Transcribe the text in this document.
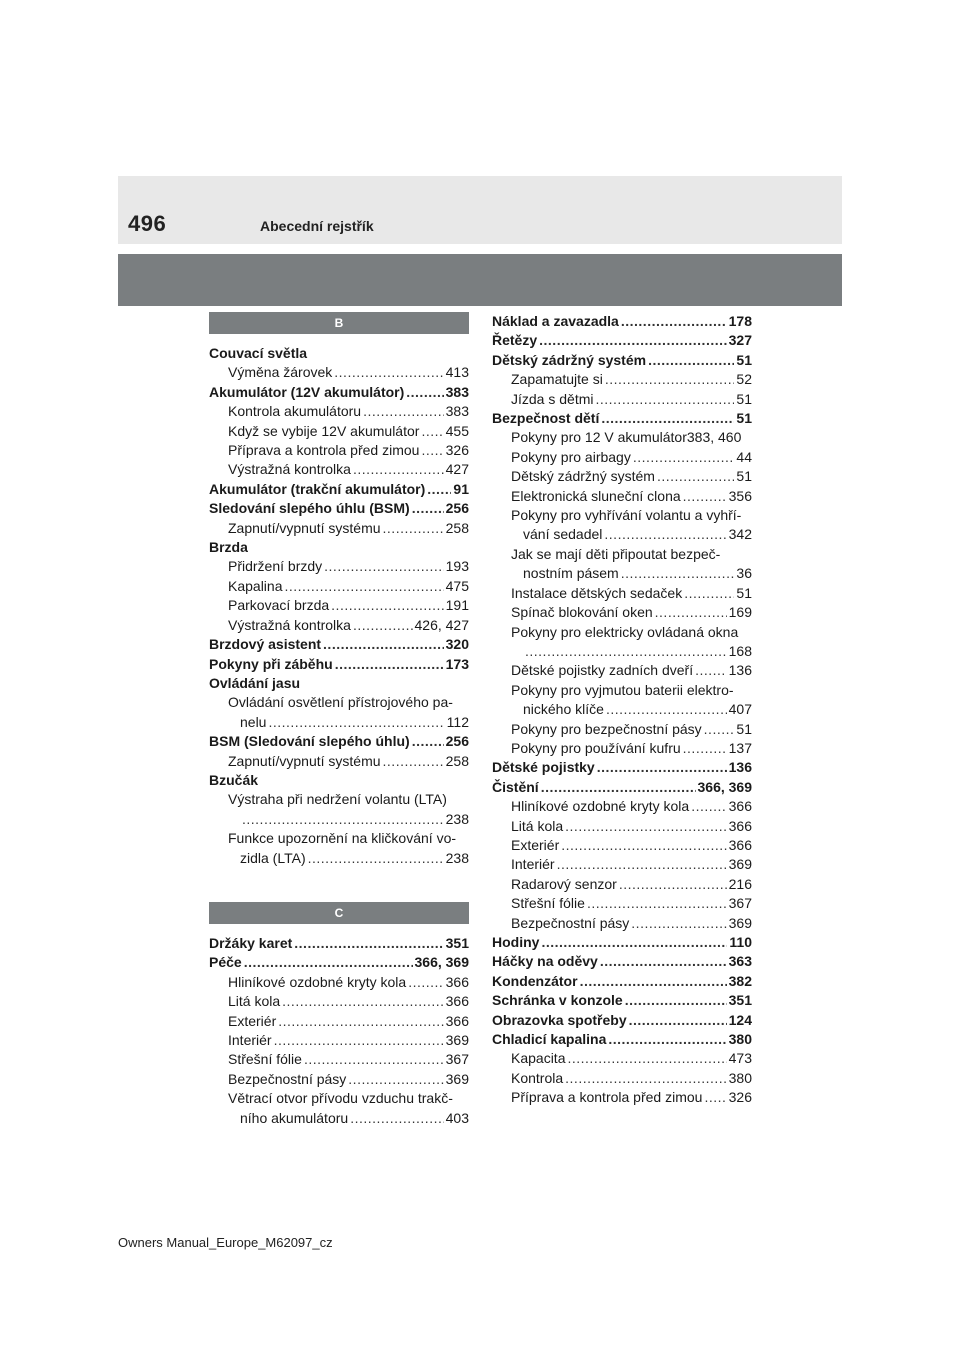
496	Abecední rejstřík
B
Couvací světla
Výměna žárovek .....	413
Akumulátor (12V akumulátor) .....	383
Kontrola akumulátoru .....	383
Když se vybije 12V akumulátor ..... 455
Příprava a kontrola před zimou ..... 326
Výstražná kontrolka .....	427
Akumulátor (trakční akumulátor) ..... 91
Sledování slepého úhlu (BSM) .....	256
Zapnutí/vypnutí systému .....	258
Brzda
Přidržení brzdy .....	193
Kapalina .....	475
Parkovací brzda .....	191
Výstražná kontrolka .....	426, 427
Brzdový asistent .....	320
Pokyny při záběhu .....	173
Ovládání jasu
Ovládání osvětlení přístrojového pa-
nelu .....	112
BSM (Sledování slepého úhlu) .....	256
Zapnutí/vypnutí systému .....	258
Bzučák
Výstraha při nedržení volantu (LTA)
.....
238
Funkce upozornění na kličkování vo-
zidla (LTA) .....	238
C
Držáky karet .....	351
Péče .....	366, 369
Hliníkové ozdobné kryty kola .....	366
Litá kola .....	366
Exteriér .....	366
Interiér .....	369
Střešní fólie .....	367
Bezpečnostní pásy .....	369
Větrací otvor přívodu vzduchu trakč-
ního akumulátoru .....	403
Náklad a zavazadla .....	178
Řetězy .....	327
Dětský zádržný systém .....	51
Zapamatujte si .....	52
Jízda s dětmi .....	51
Bezpečnost dětí .....	51
Pokyny pro 12 V akumulátor383, 460
Pokyny pro airbagy .....	44
Dětský zádržný systém .....	51
Elektronická sluneční clona .....	356
Pokyny pro vyhřívání volantu a vyhří-
vání sedadel .....	342
Jak se mají děti připoutat bezpeč-
nostním pásem .....	36
Instalace dětských sedaček .....	51
Spínač blokování oken .....	169
Pokyny pro elektricky ovládaná okna
.....
168
Dětské pojistky zadních dveří .....	136
Pokyny pro vyjmutou baterii elektro-
nického klíče .....	407
Pokyny pro bezpečnostní pásy ..... 51
Pokyny pro používání kufru .....	137
Dětské pojistky .....	136
Čistění .....	366, 369
Hliníkové ozdobné kryty kola .....	366
Litá kola .....	366
Exteriér .....	366
Interiér .....	369
Radarový senzor .....	216
Střešní fólie .....	367
Bezpečnostní pásy .....	369
Hodiny .....	110
Háčky na oděvy .....	363
Kondenzátor .....	382
Schránka v konzole .....	351
Obrazovka spotřeby .....	124
Chladicí kapalina .....	380
Kapacita .....	473
Kontrola .....	380
Příprava a kontrola před zimou ..... 326
Owners Manual_Europe_M62097_cz
